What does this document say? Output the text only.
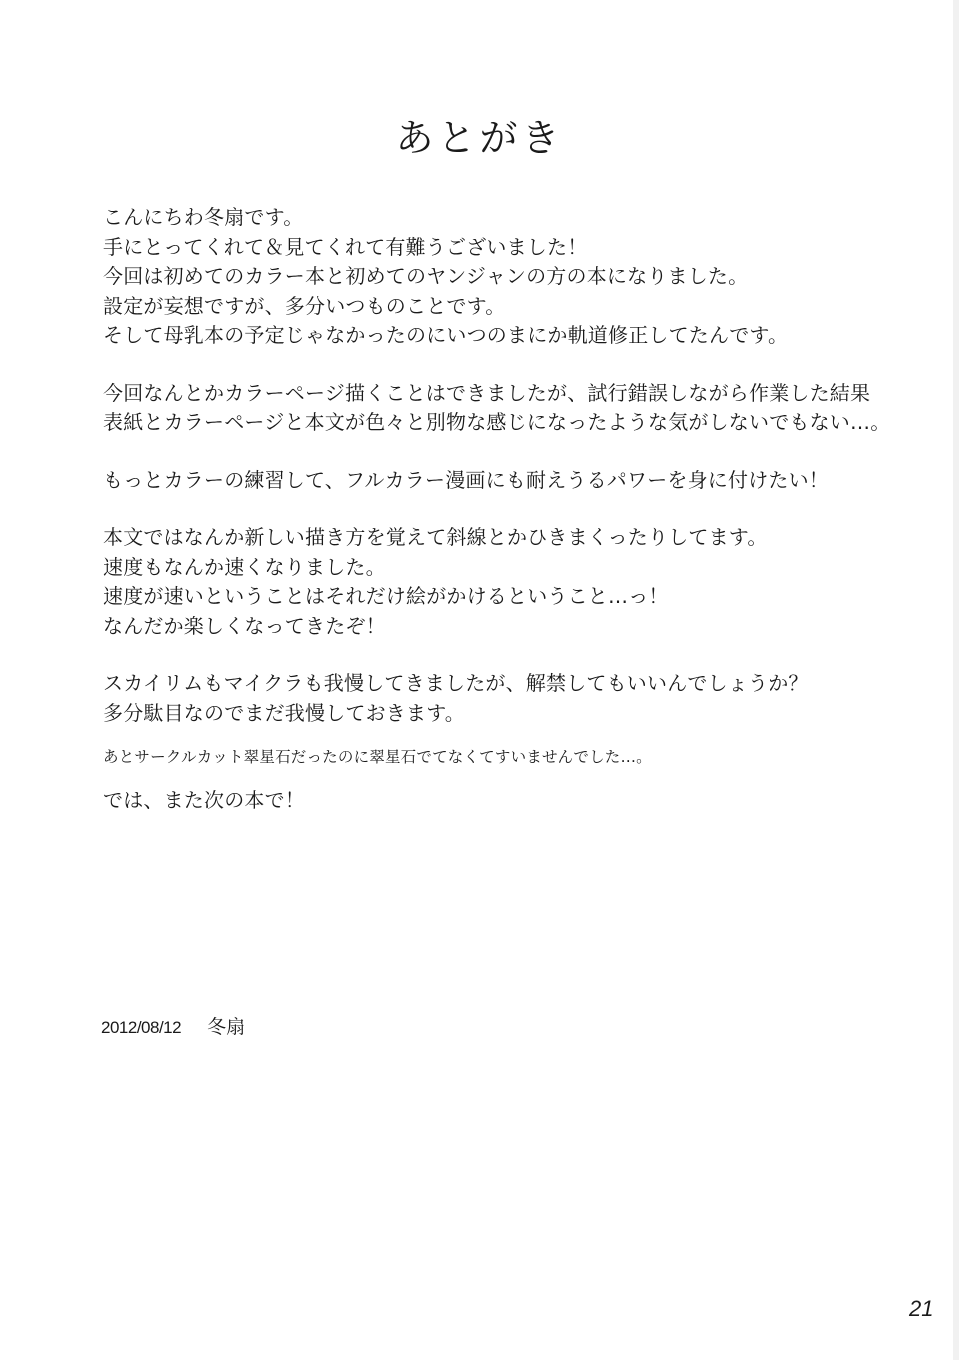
あとがき
こんにちわ冬扇です。
手にとってくれて＆見てくれて有難うございました！
今回は初めてのカラー本と初めてのヤンジャンの方の本になりました。
設定が妄想ですが、多分いつものことです。
そして母乳本の予定じゃなかったのにいつのまにか軌道修正してたんです。
今回なんとかカラーページ描くことはできましたが、試行錯誤しながら作業した結果
表紙とカラーページと本文が色々と別物な感じになったような気がしないでもない…。
もっとカラーの練習して、フルカラー漫画にも耐えうるパワーを身に付けたい！
本文ではなんか新しい描き方を覚えて斜線とかひきまくったりしてます。
速度もなんか速くなりました。
速度が速いということはそれだけ絵がかけるということ…っ！
なんだか楽しくなってきたぞ！
スカイリムもマイクラも我慢してきましたが、解禁してもいいんでしょうか？
多分駄目なのでまだ我慢しておきます。
あとサークルカット翠星石だったのに翠星石でてなくてすいませんでした…。
では、また次の本で！
2012/08/12 冬扇
21
